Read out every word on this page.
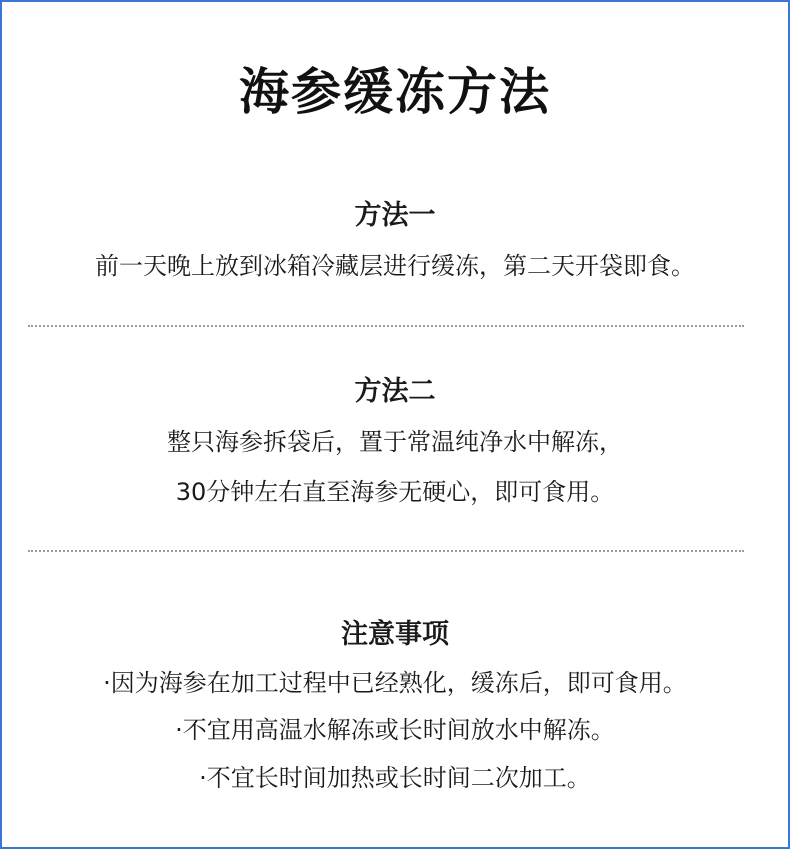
海参缓冻方法
方法一
前一天晚上放到冰箱冷藏层进行缓冻，第二天开袋即食。
方法二
整只海参拆袋后，置于常温纯净水中解冻，
30分钟左右直至海参无硬心，即可食用。
注意事项
·因为海参在加工过程中已经熟化，缓冻后，即可食用。
·不宜用高温水解冻或长时间放水中解冻。
·不宜长时间加热或长时间二次加工。
